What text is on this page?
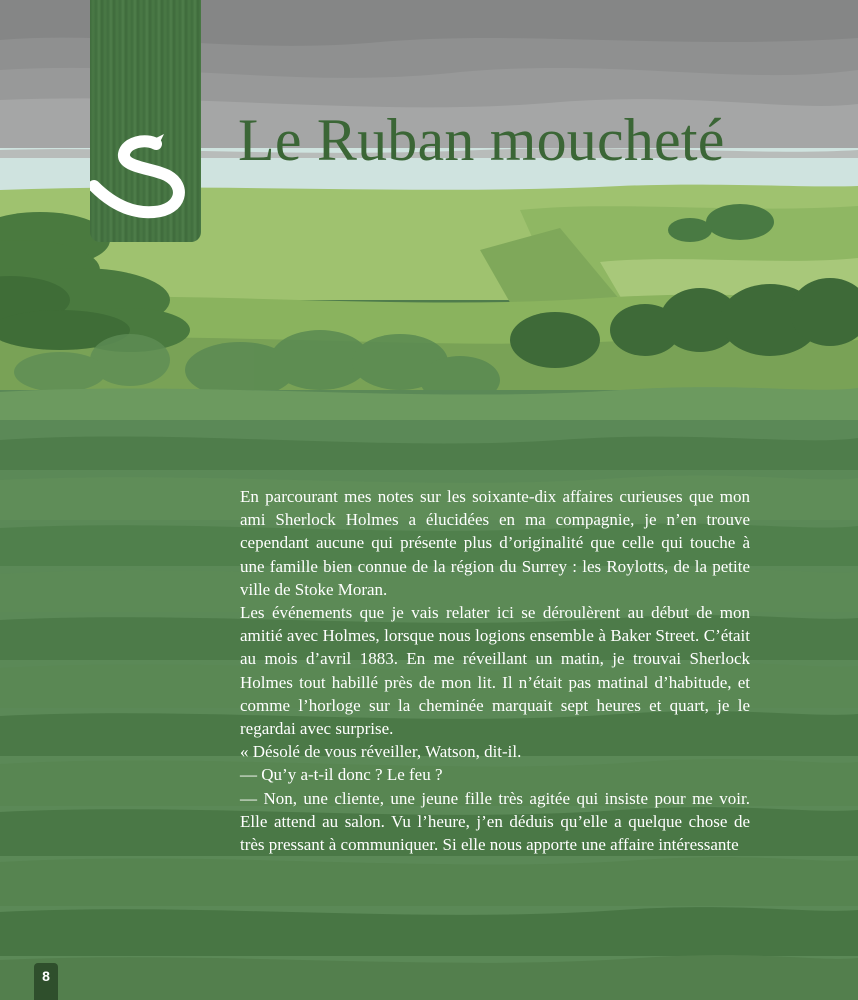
Le Ruban moucheté

En parcourant mes notes sur les soixante-dix affaires curieuses que mon ami Sherlock Holmes a élucidées en ma compagnie, je n’en trouve cependant aucune qui présente plus d’originalité que celle qui touche à une famille bien connue de la région du Surrey : les Roylotts, de la petite ville de Stoke Moran.

Les événements que je vais relater ici se déroulèrent au début de mon amitié avec Holmes, lorsque nous logions ensemble à Baker Street. C’était au mois d’avril 1883. En me réveillant un matin, je trouvai Sherlock Holmes tout habillé près de mon lit. Il n’était pas matinal d’habitude, et comme l’horloge sur la cheminée marquait sept heures et quart, je le regardai avec surprise.

« Désolé de vous réveiller, Watson, dit-il.

— Qu’y a-t-il donc ? Le feu ?

— Non, une cliente, une jeune fille très agitée qui insiste pour me voir. Elle attend au salon. Vu l’heure, j’en déduis qu’elle a quelque chose de très pressant à communiquer. Si elle nous apporte une affaire intéressante

8
